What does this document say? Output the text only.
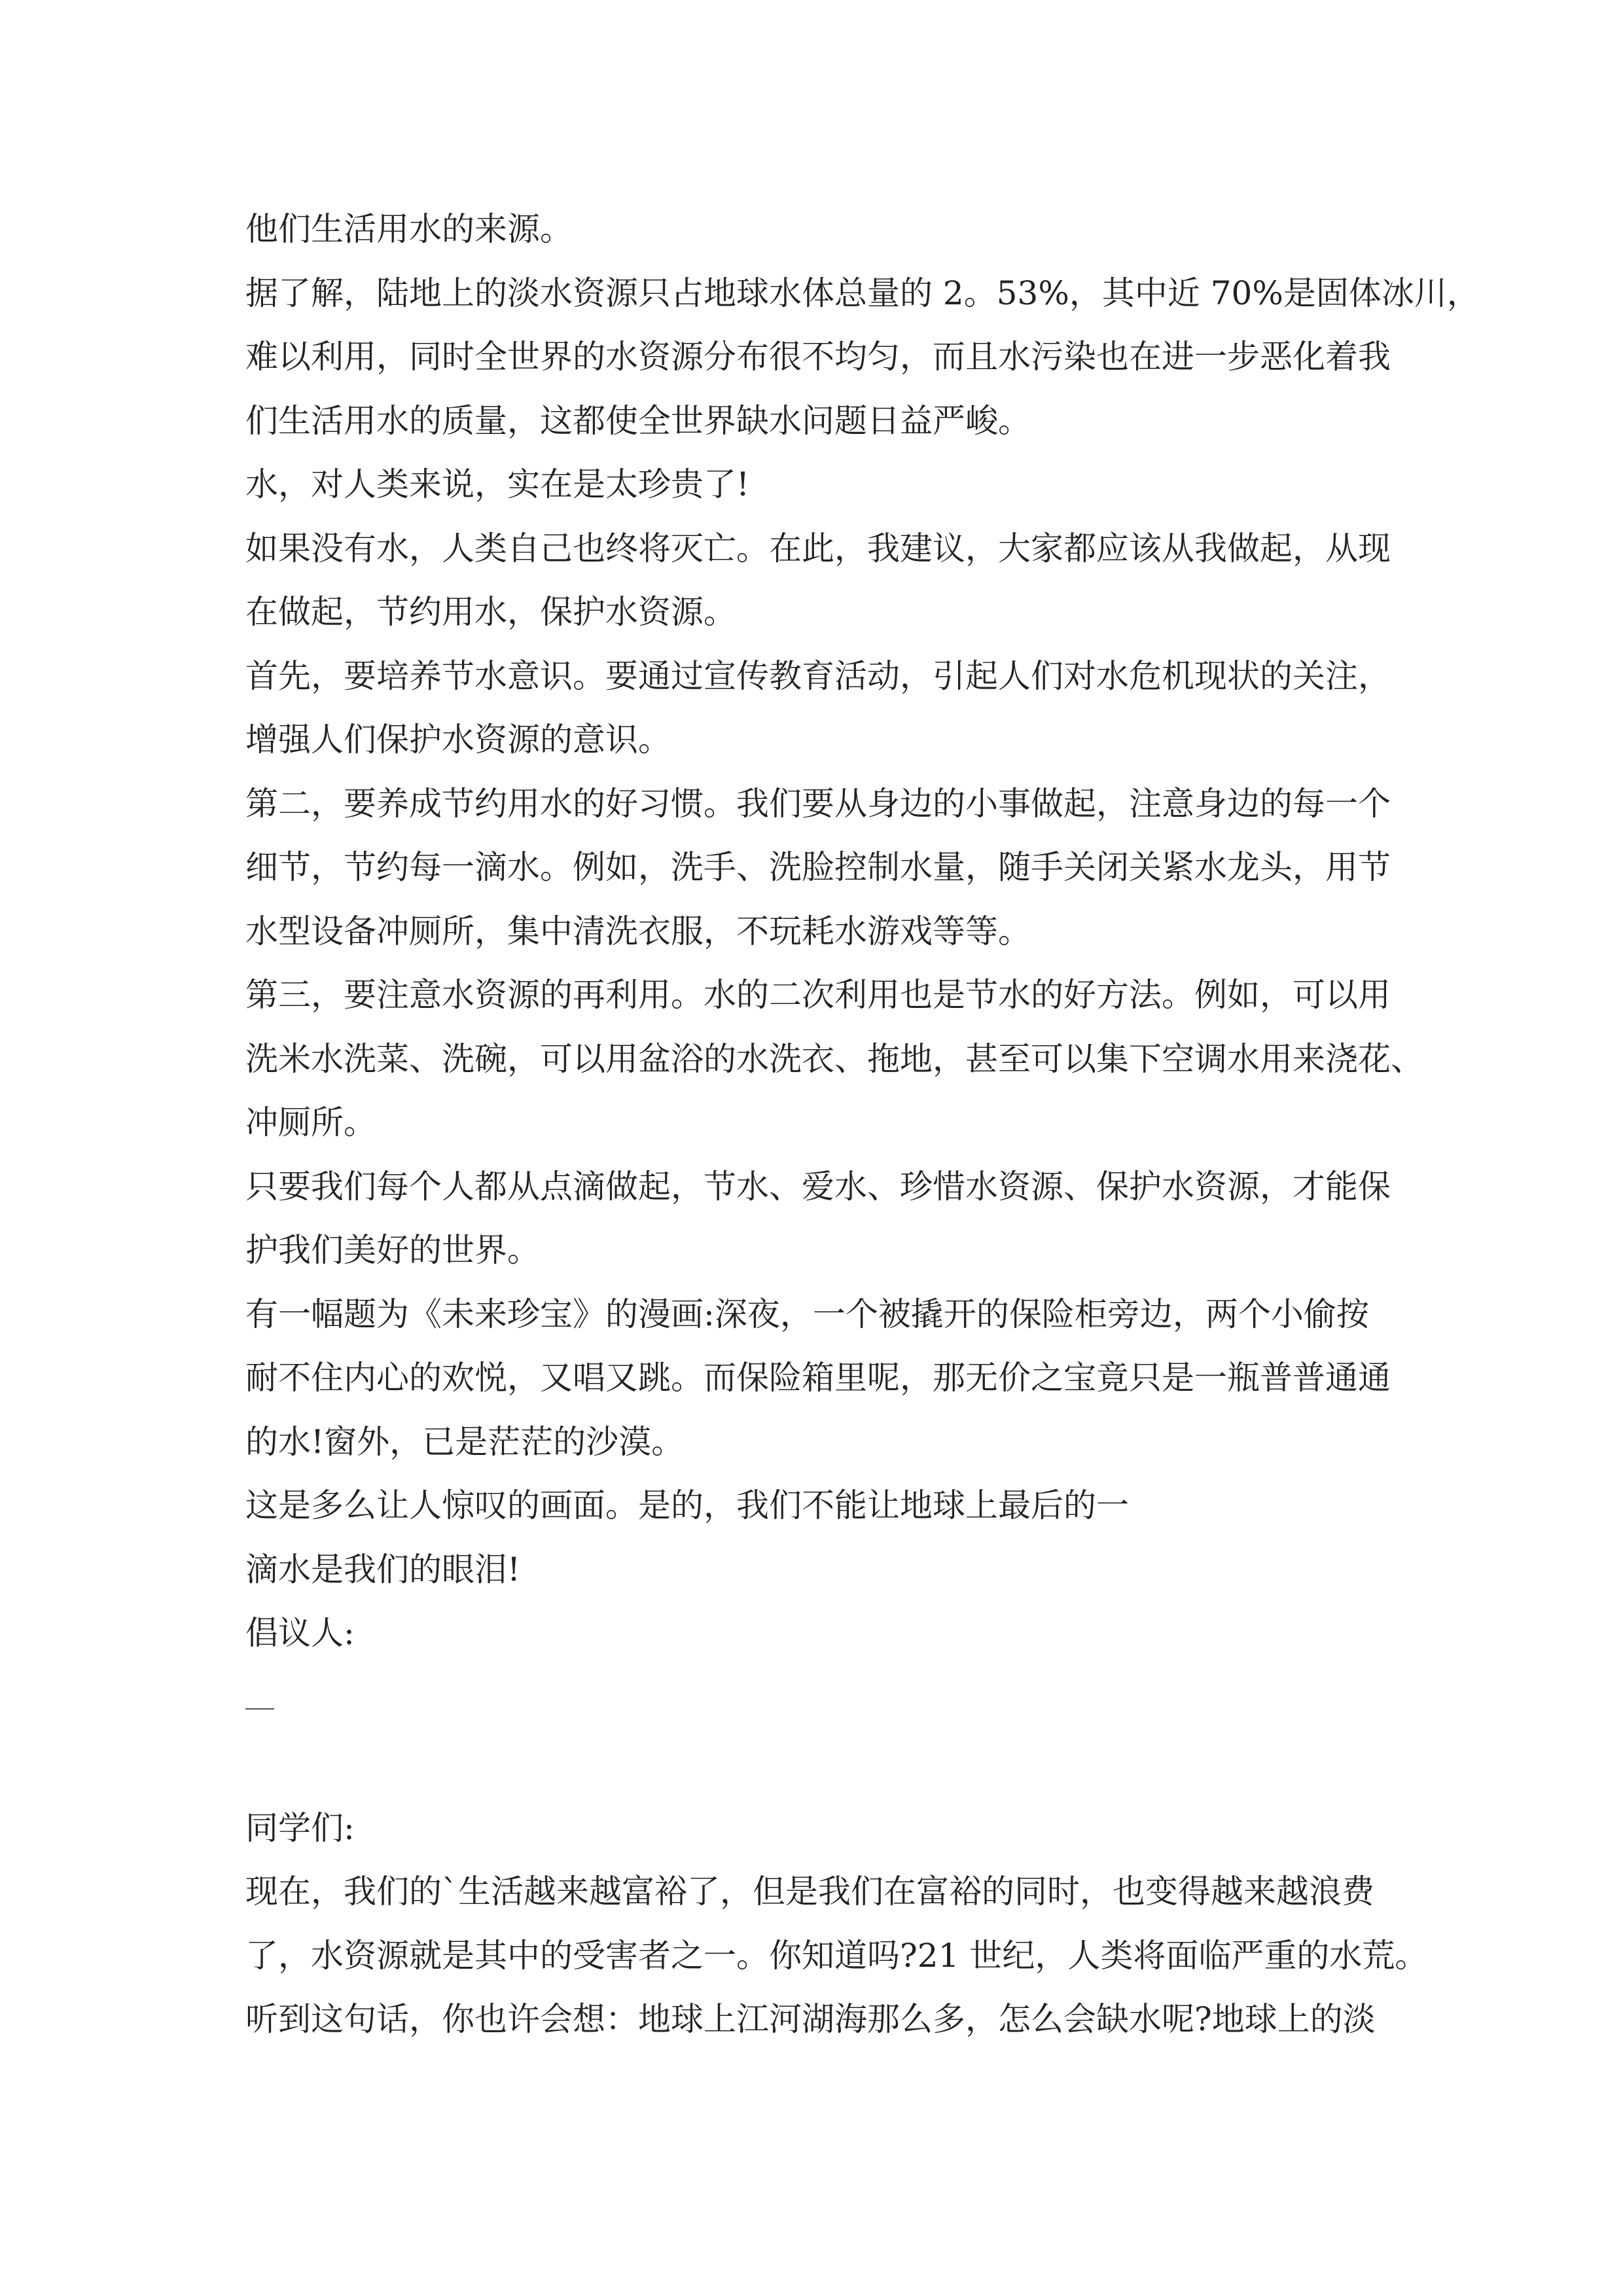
他们生活用水的来源。
据了解，陆地上的淡水资源只占地球水体总量的 2。53%，其中近 70%是固体冰川，
难以利用，同时全世界的水资源分布很不均匀，而且水污染也在进一步恶化着我
们生活用水的质量，这都使全世界缺水问题日益严峻。
水，对人类来说，实在是太珍贵了!
如果没有水，人类自己也终将灭亡。在此，我建议，大家都应该从我做起，从现
在做起，节约用水，保护水资源。
首先，要培养节水意识。要通过宣传教育活动，引起人们对水危机现状的关注，
增强人们保护水资源的意识。
第二，要养成节约用水的好习惯。我们要从身边的小事做起，注意身边的每一个
细节，节约每一滴水。例如，洗手、洗脸控制水量，随手关闭关紧水龙头，用节
水型设备冲厕所，集中清洗衣服，不玩耗水游戏等等。
第三，要注意水资源的再利用。水的二次利用也是节水的好方法。例如，可以用
洗米水洗菜、洗碗，可以用盆浴的水洗衣、拖地，甚至可以集下空调水用来浇花、
冲厕所。
只要我们每个人都从点滴做起，节水、爱水、珍惜水资源、保护水资源，才能保
护我们美好的世界。
有一幅题为《未来珍宝》的漫画:深夜，一个被撬开的保险柜旁边，两个小偷按
耐不住内心的欢悦，又唱又跳。而保险箱里呢，那无价之宝竟只是一瓶普普通通
的水!窗外，已是茫茫的沙漠。
这是多么让人惊叹的画面。是的，我们不能让地球上最后的一
滴水是我们的眼泪!
倡议人:
同学们:
现在，我们的`生活越来越富裕了，但是我们在富裕的同时，也变得越来越浪费
了，水资源就是其中的受害者之一。你知道吗?21 世纪，人类将面临严重的水荒。
听到这句话，你也许会想：地球上江河湖海那么多，怎么会缺水呢?地球上的淡
